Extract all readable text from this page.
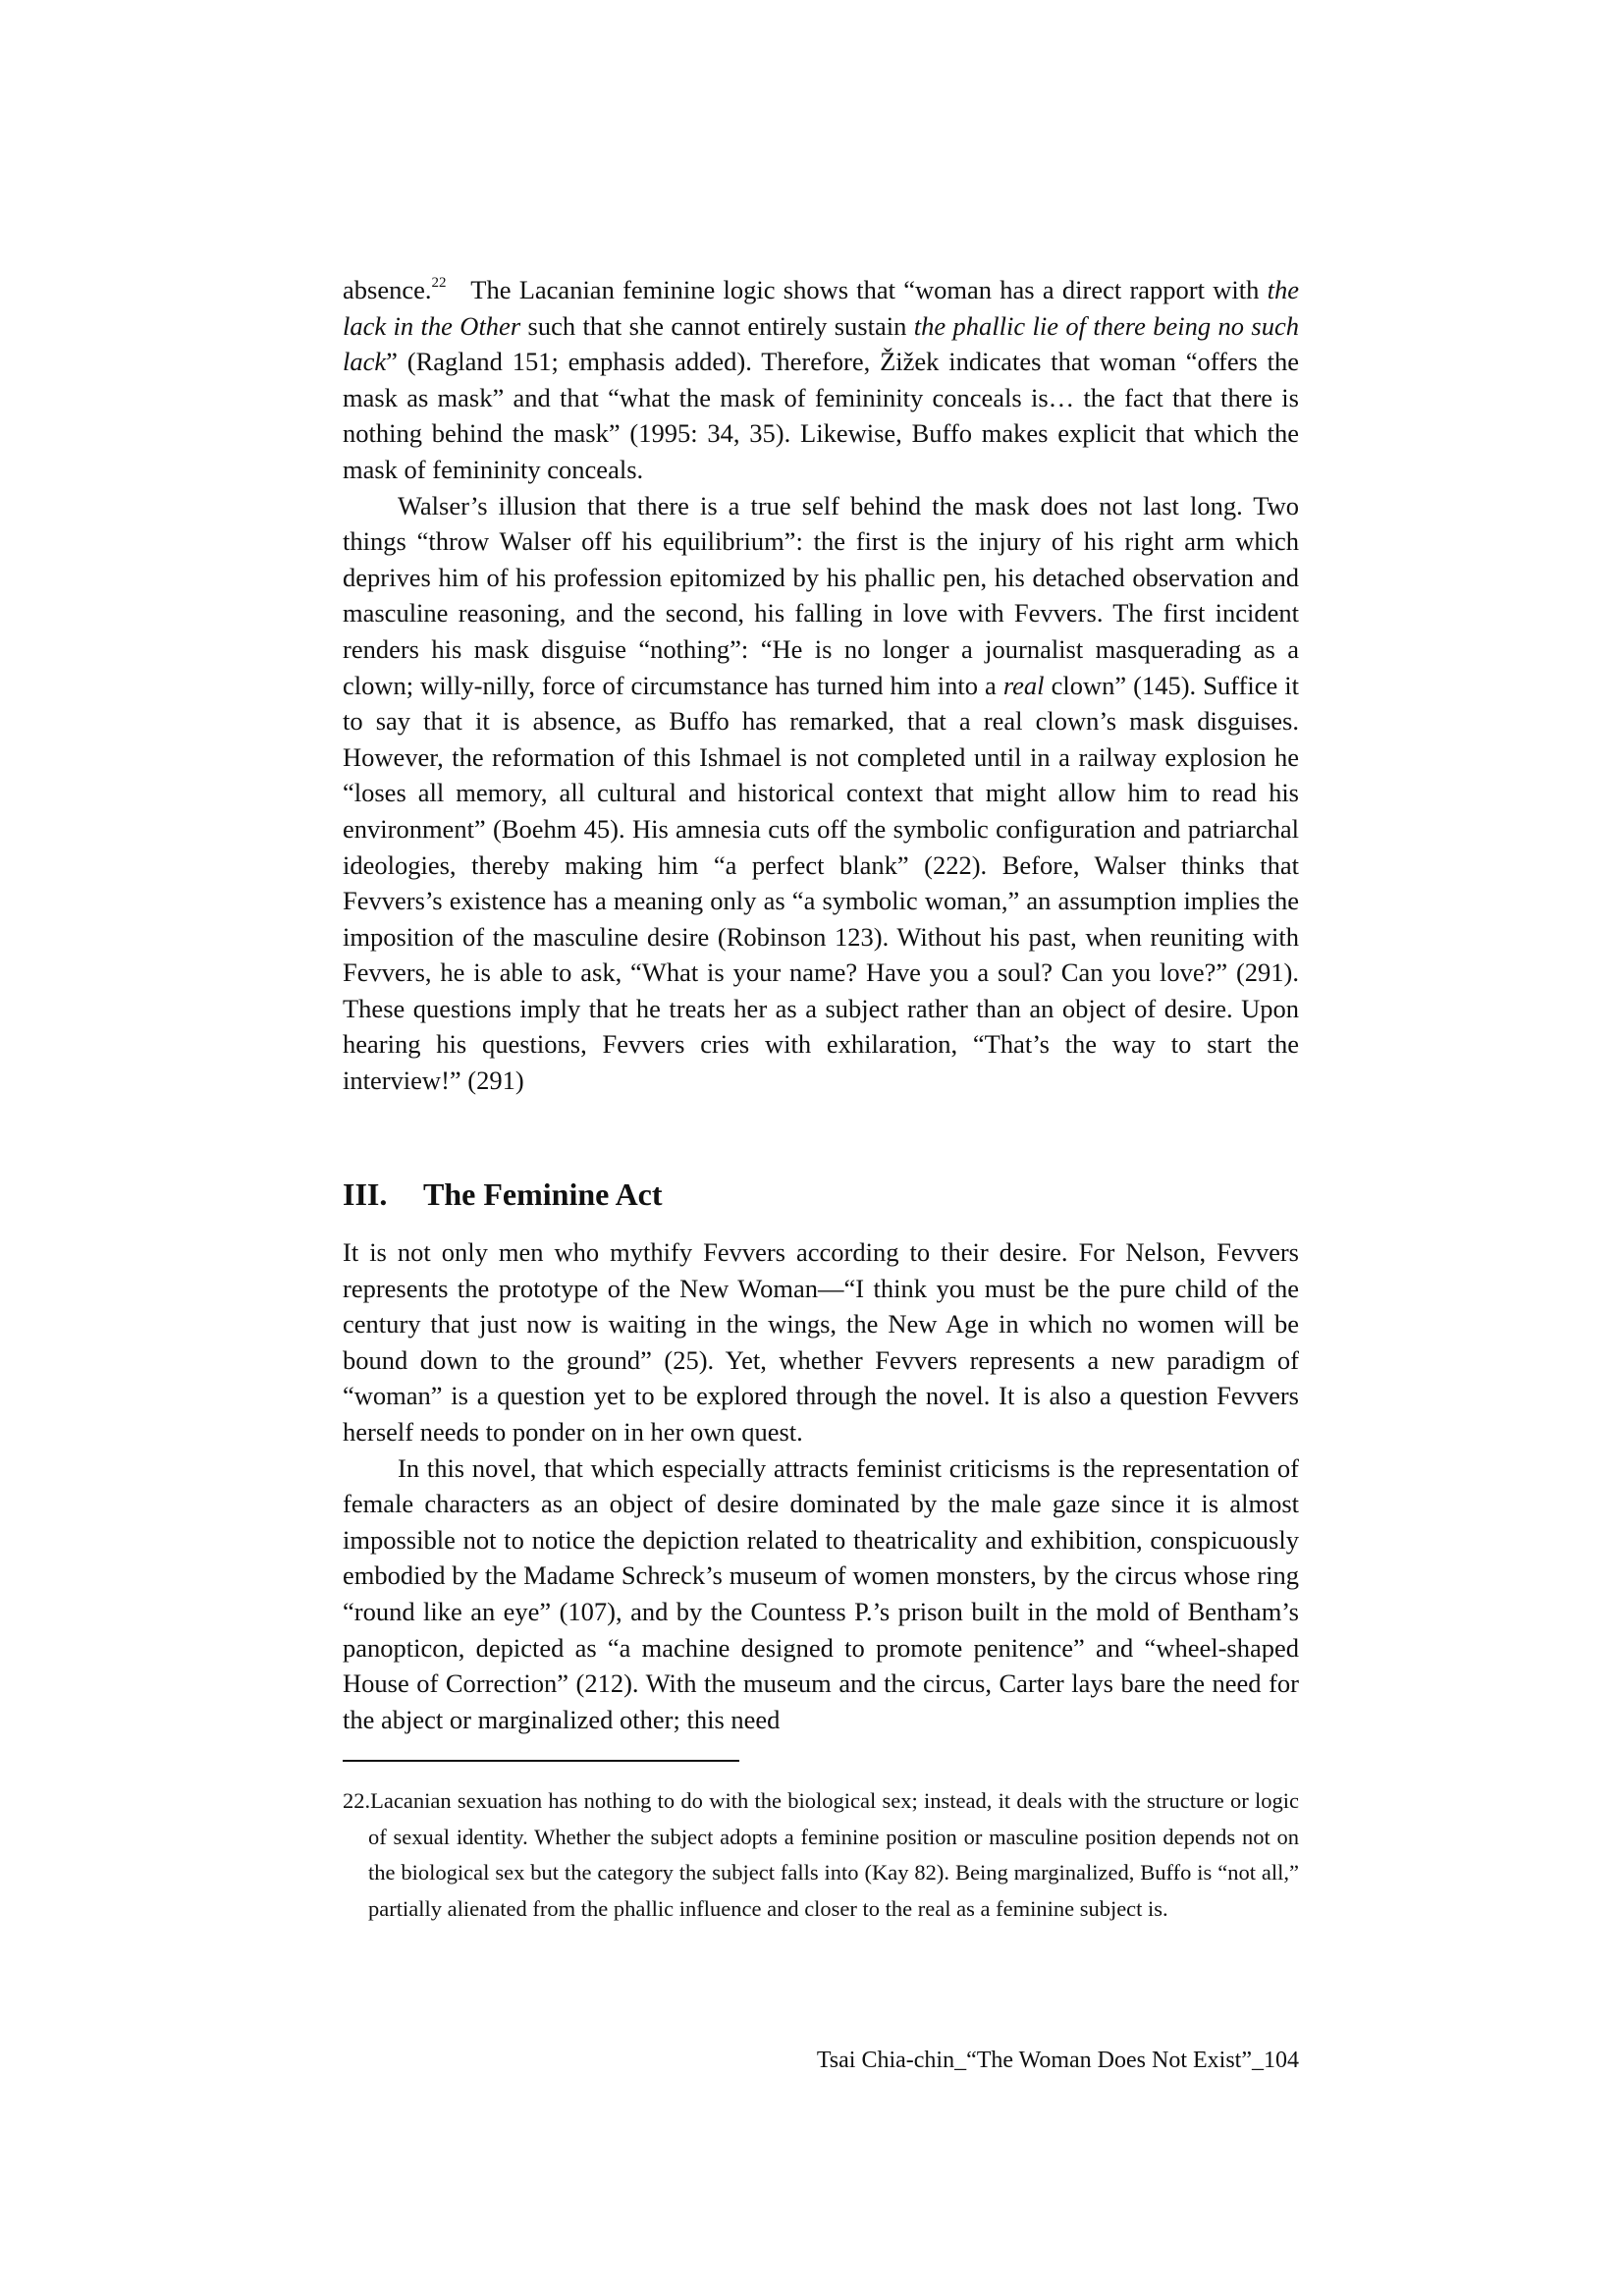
absence.$^{22}$ The Lacanian feminine logic shows that “woman has a direct rapport with the lack in the Other such that she cannot entirely sustain the phallic lie of there being no such lack” (Ragland 151; emphasis added). Therefore, Žižek indicates that woman “offers the mask as mask” and that “what the mask of femininity conceals is… the fact that there is nothing behind the mask” (1995: 34, 35). Likewise, Buffo makes explicit that which the mask of femininity conceals.

Walser’s illusion that there is a true self behind the mask does not last long. Two things “throw Walser off his equilibrium”: the first is the injury of his right arm which deprives him of his profession epitomized by his phallic pen, his detached observation and masculine reasoning, and the second, his falling in love with Fevvers. The first incident renders his mask disguise “nothing”: “He is no longer a journalist masquerading as a clown; willy-nilly, force of circumstance has turned him into a real clown” (145). Suffice it to say that it is absence, as Buffo has remarked, that a real clown’s mask disguises. However, the reformation of this Ishmael is not completed until in a railway explosion he “loses all memory, all cultural and historical context that might allow him to read his environment” (Boehm 45). His amnesia cuts off the symbolic configuration and patriarchal ideologies, thereby making him “a perfect blank” (222). Before, Walser thinks that Fevvers’s existence has a meaning only as “a symbolic woman,” an assumption implies the imposition of the masculine desire (Robinson 123). Without his past, when reuniting with Fevvers, he is able to ask, “What is your name? Have you a soul? Can you love?” (291). These questions imply that he treats her as a subject rather than an object of desire. Upon hearing his questions, Fevvers cries with exhilaration, “That’s the way to start the interview!” (291)

III. The Feminine Act

It is not only men who mythify Fevvers according to their desire. For Nelson, Fevvers represents the prototype of the New Woman—“I think you must be the pure child of the century that just now is waiting in the wings, the New Age in which no women will be bound down to the ground” (25). Yet, whether Fevvers represents a new paradigm of “woman” is a question yet to be explored through the novel. It is also a question Fevvers herself needs to ponder on in her own quest.

In this novel, that which especially attracts feminist criticisms is the representation of female characters as an object of desire dominated by the male gaze since it is almost impossible not to notice the depiction related to theatricality and exhibition, conspicuously embodied by the Madame Schreck’s museum of women monsters, by the circus whose ring “round like an eye” (107), and by the Countess P.’s prison built in the mold of Bentham’s panopticon, depicted as “a machine designed to promote penitence” and “wheel-shaped House of Correction” (212). With the museum and the circus, Carter lays bare the need for the abject or marginalized other; this need

22.Lacanian sexuation has nothing to do with the biological sex; instead, it deals with the structure or logic of sexual identity. Whether the subject adopts a feminine position or masculine position depends not on the biological sex but the category the subject falls into (Kay 82). Being marginalized, Buffo is “not all,” partially alienated from the phallic influence and closer to the real as a feminine subject is.

Tsai Chia-chin_“The Woman Does Not Exist”_104
